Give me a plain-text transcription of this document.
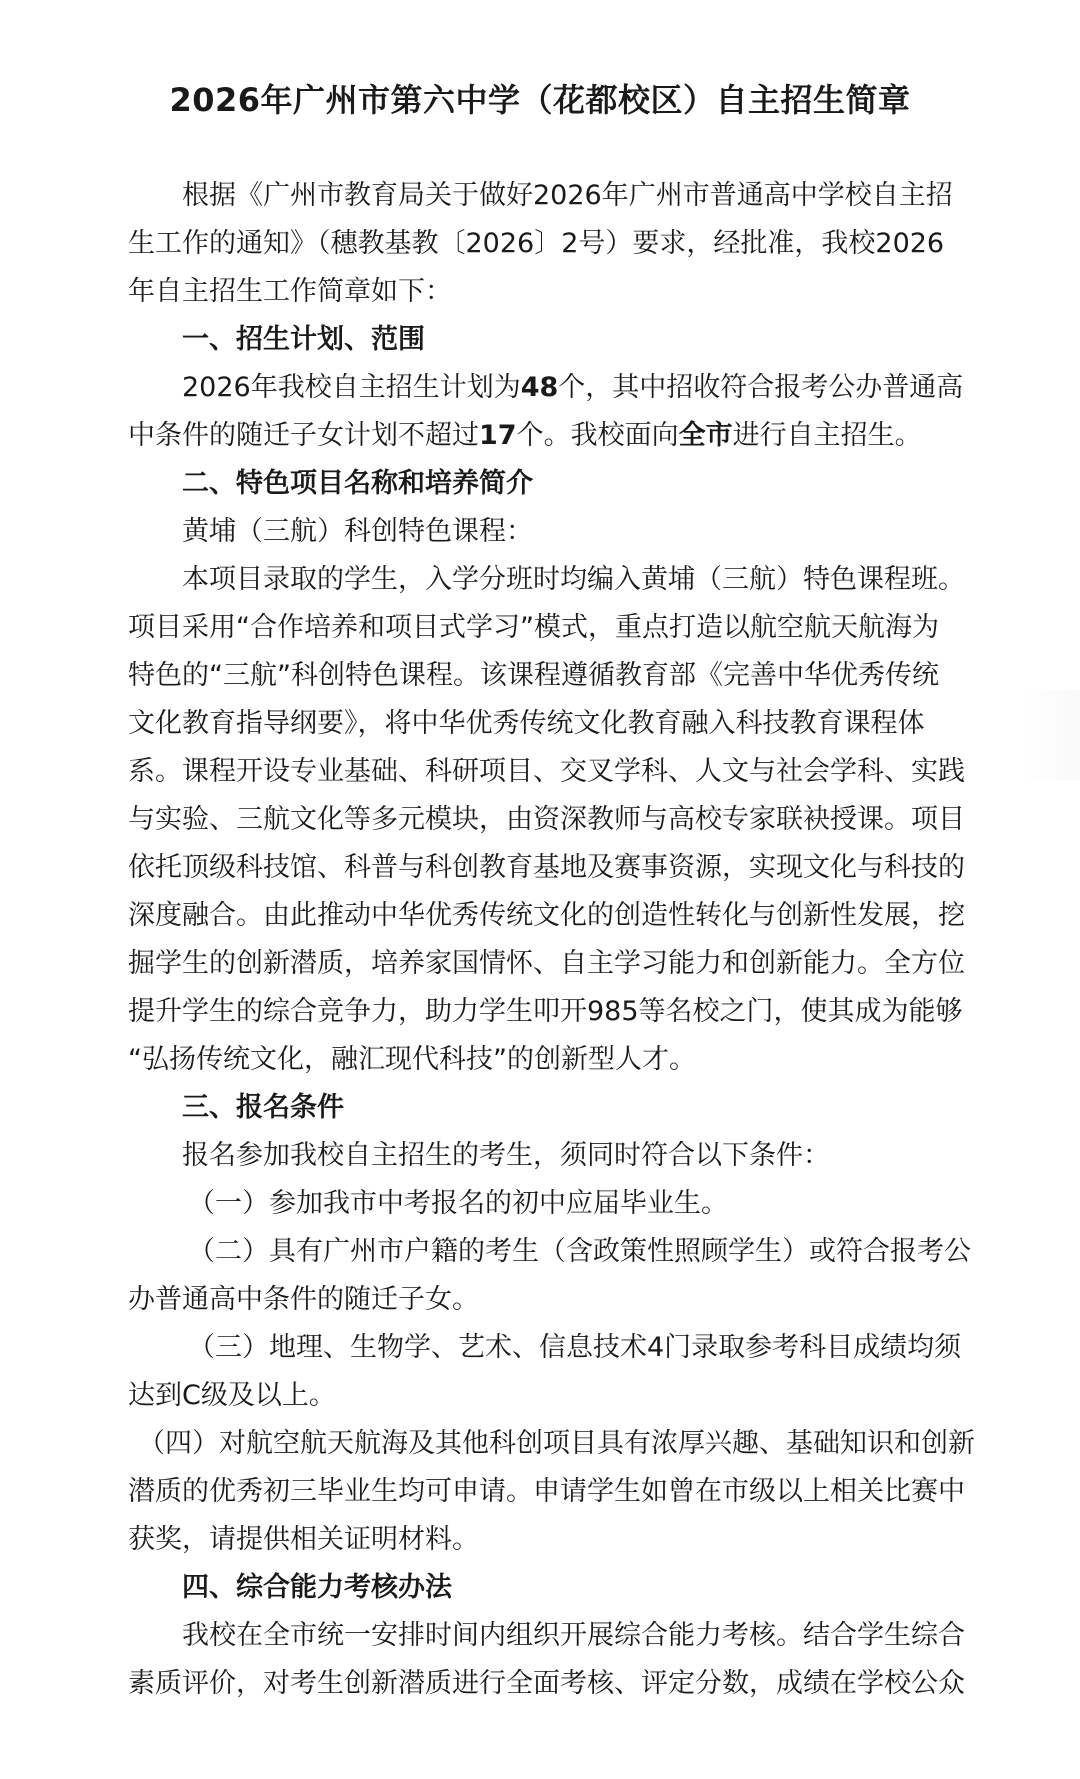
2026年广州市第六中学（花都校区）自主招生简章
根据《广州市教育局关于做好2026年广州市普通高中学校自主招
生工作的通知》（穗教基教〔2026〕2号）要求，经批准，我校2026
年自主招生工作简章如下：
一、招生计划、范围
2026年我校自主招生计划为48个，其中招收符合报考公办普通高
中条件的随迁子女计划不超过17个。我校面向全市进行自主招生。
二、特色项目名称和培养简介
黄埔（三航）科创特色课程：
本项目录取的学生，入学分班时均编入黄埔（三航）特色课程班。
项目采用“合作培养和项目式学习”模式，重点打造以航空航天航海为
特色的“三航”科创特色课程。该课程遵循教育部《完善中华优秀传统
文化教育指导纲要》，将中华优秀传统文化教育融入科技教育课程体
系。课程开设专业基础、科研项目、交叉学科、人文与社会学科、实践
与实验、三航文化等多元模块，由资深教师与高校专家联袂授课。项目
依托顶级科技馆、科普与科创教育基地及赛事资源，实现文化与科技的
深度融合。由此推动中华优秀传统文化的创造性转化与创新性发展，挖
掘学生的创新潜质，培养家国情怀、自主学习能力和创新能力。全方位
提升学生的综合竞争力，助力学生叩开985等名校之门，使其成为能够
“弘扬传统文化，融汇现代科技”的创新型人才。
三、报名条件
报名参加我校自主招生的考生，须同时符合以下条件：
（一）参加我市中考报名的初中应届毕业生。
（二）具有广州市户籍的考生（含政策性照顾学生）或符合报考公
办普通高中条件的随迁子女。
（三）地理、生物学、艺术、信息技术4门录取参考科目成绩均须
达到C级及以上。
（四）对航空航天航海及其他科创项目具有浓厚兴趣、基础知识和创新
潜质的优秀初三毕业生均可申请。申请学生如曾在市级以上相关比赛中
获奖，请提供相关证明材料。
四、综合能力考核办法
我校在全市统一安排时间内组织开展综合能力考核。结合学生综合
素质评价，对考生创新潜质进行全面考核、评定分数，成绩在学校公众
